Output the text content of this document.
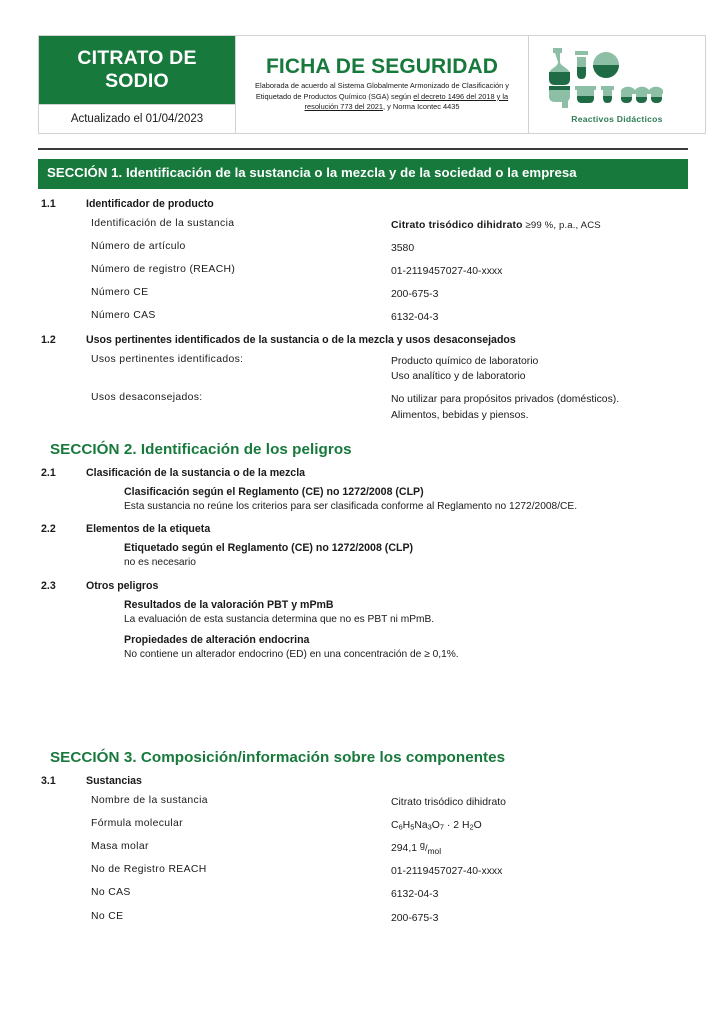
CITRATO DE SODIO

FICHA DE SEGURIDAD
Elaborada de acuerdo al Sistema Globalmente Armonizado de Clasificación y Etiquetado de Productos Químico (SGA) según el decreto 1496 del 2018 y la resolución 773 del 2021, y Norma Icontec 4435

Reactivos Didácticos

Actualizado el 01/04/2023
SECCIÓN 1. Identificación de la sustancia o la mezcla y de la sociedad o la empresa
1.1	Identificador de producto
Identificación de la sustancia	Citrato trisódico dihidrato ≥99 %, p.a., ACS
Número de artículo	3580
Número de registro (REACH)	01-2119457027-40-xxxx
Número CE	200-675-3
Número CAS	6132-04-3
1.2	Usos pertinentes identificados de la sustancia o de la mezcla y usos desaconsejados
Usos pertinentes identificados:	Producto químico de laboratorio
Uso analítico y de laboratorio
Usos desaconsejados:	No utilizar para propósitos privados (domésticos).
Alimentos, bebidas y piensos.
SECCIÓN 2. Identificación de los peligros
2.1	Clasificación de la sustancia o de la mezcla
Clasificación según el Reglamento (CE) no 1272/2008 (CLP)
Esta sustancia no reúne los criterios para ser clasificada conforme al Reglamento no 1272/2008/CE.
2.2	Elementos de la etiqueta
Etiquetado según el Reglamento (CE) no 1272/2008 (CLP)
no es necesario
2.3	Otros peligros
Resultados de la valoración PBT y mPmB
La evaluación de esta sustancia determina que no es PBT ni mPmB.
Propiedades de alteración endocrina
No contiene un alterador endocrino (ED) en una concentración de ≥ 0,1%.
SECCIÓN 3. Composición/información sobre los componentes
3.1	Sustancias
Nombre de la sustancia	Citrato trisódico dihidrato
Fórmula molecular	$C_6H_5Na_3O_7 \cdot 2$ $H_2O$
Masa molar	294,1 g/mol
No de Registro REACH	01-2119457027-40-xxxx
No CAS	6132-04-3
No CE	200-675-3
